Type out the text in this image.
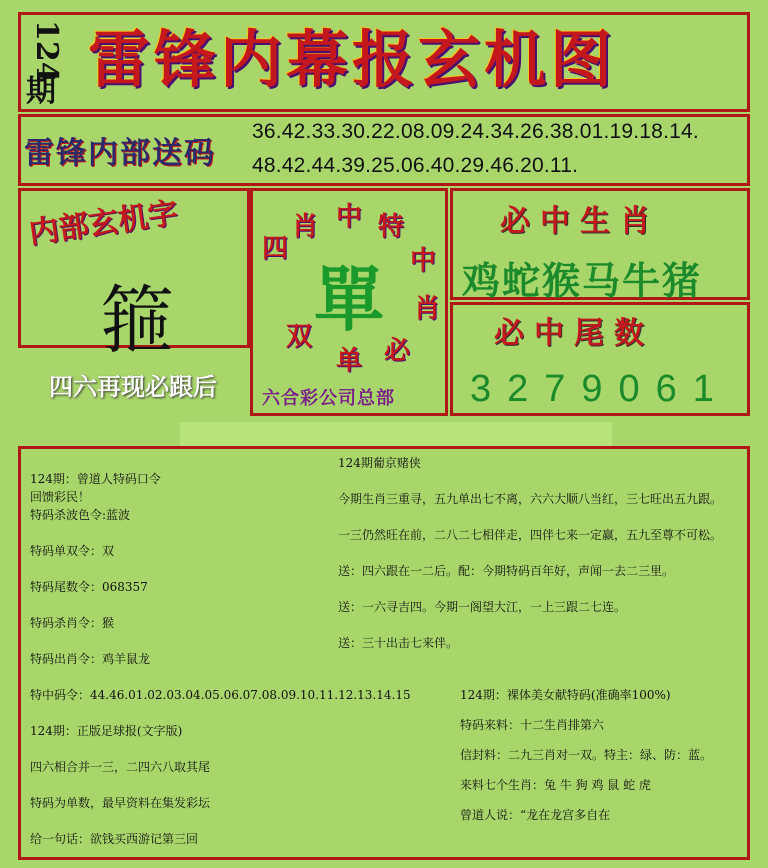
124
期 雷锋内幕报玄机图
雷锋内部送码
36.42.33.30.22.08.09.24.34.26.38.01.19.18.14.
48.42.44.39.25.06.40.29.46.20.11.
内部玄机字
箍
四六再现必跟后
四
肖 中 特
中
肖
必
单
双 單
六合彩公司总部
必中生肖
鸡蛇猴马牛猪
必中尾数
3279061
124期：曾道人特码口令
回馈彩民！
特码杀波色令:蓝波
特码单双令：双
特码尾数令：068357
特码杀肖令：猴
特码出肖令：鸡羊鼠龙
特中码令：44.46.01.02.03.04.05.06.07.08.09.10.11.12.13.14.15
124期：正版足球报(文字版)
四六相合并一三，二四六八取其尾
特码为单数，最早资料在集发彩坛
给一句话：欲钱买西游记第三回
124期葡京赌侠
今期生肖三重寻，五九单出七不离，六六大顺八当红，三七旺出五九跟。
一三仍然旺在前，二八二七相伴走，四伴七来一定赢，五九至尊不可松。
送：四六跟在一二后。配：今期特码百年好，声闻一去二三里。
送：一六寻吉四。今期一阁望大江，一上三跟二七连。
送：三十出击七来伴。
124期：裸体美女献特码(准确率100%)
特码来料：十二生肖排第六
信封料：二九三肖对一双。特主：绿、防：蓝。
来料七个生肖：兔 牛 狗 鸡 鼠 蛇 虎
曾道人说：“龙在龙宫多自在
